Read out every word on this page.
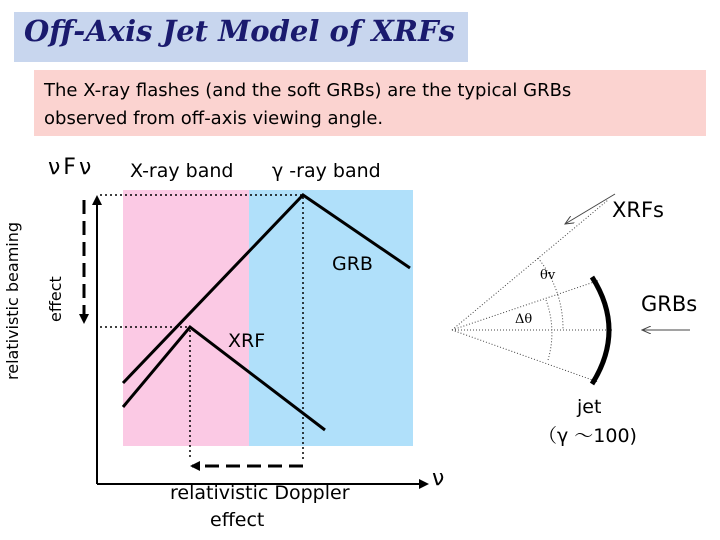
Off-Axis Jet Model of XRFs
The X-ray flashes (and the soft GRBs) are the typical GRBs
observed from off-axis viewing angle.
νFν
relativistic beaming effect
X-ray band γ -ray band
GRB
XRF
ν
relativistic Doppler
effect
XRFs
GRBs
θv
Δθ
jet
（γ ～100)
